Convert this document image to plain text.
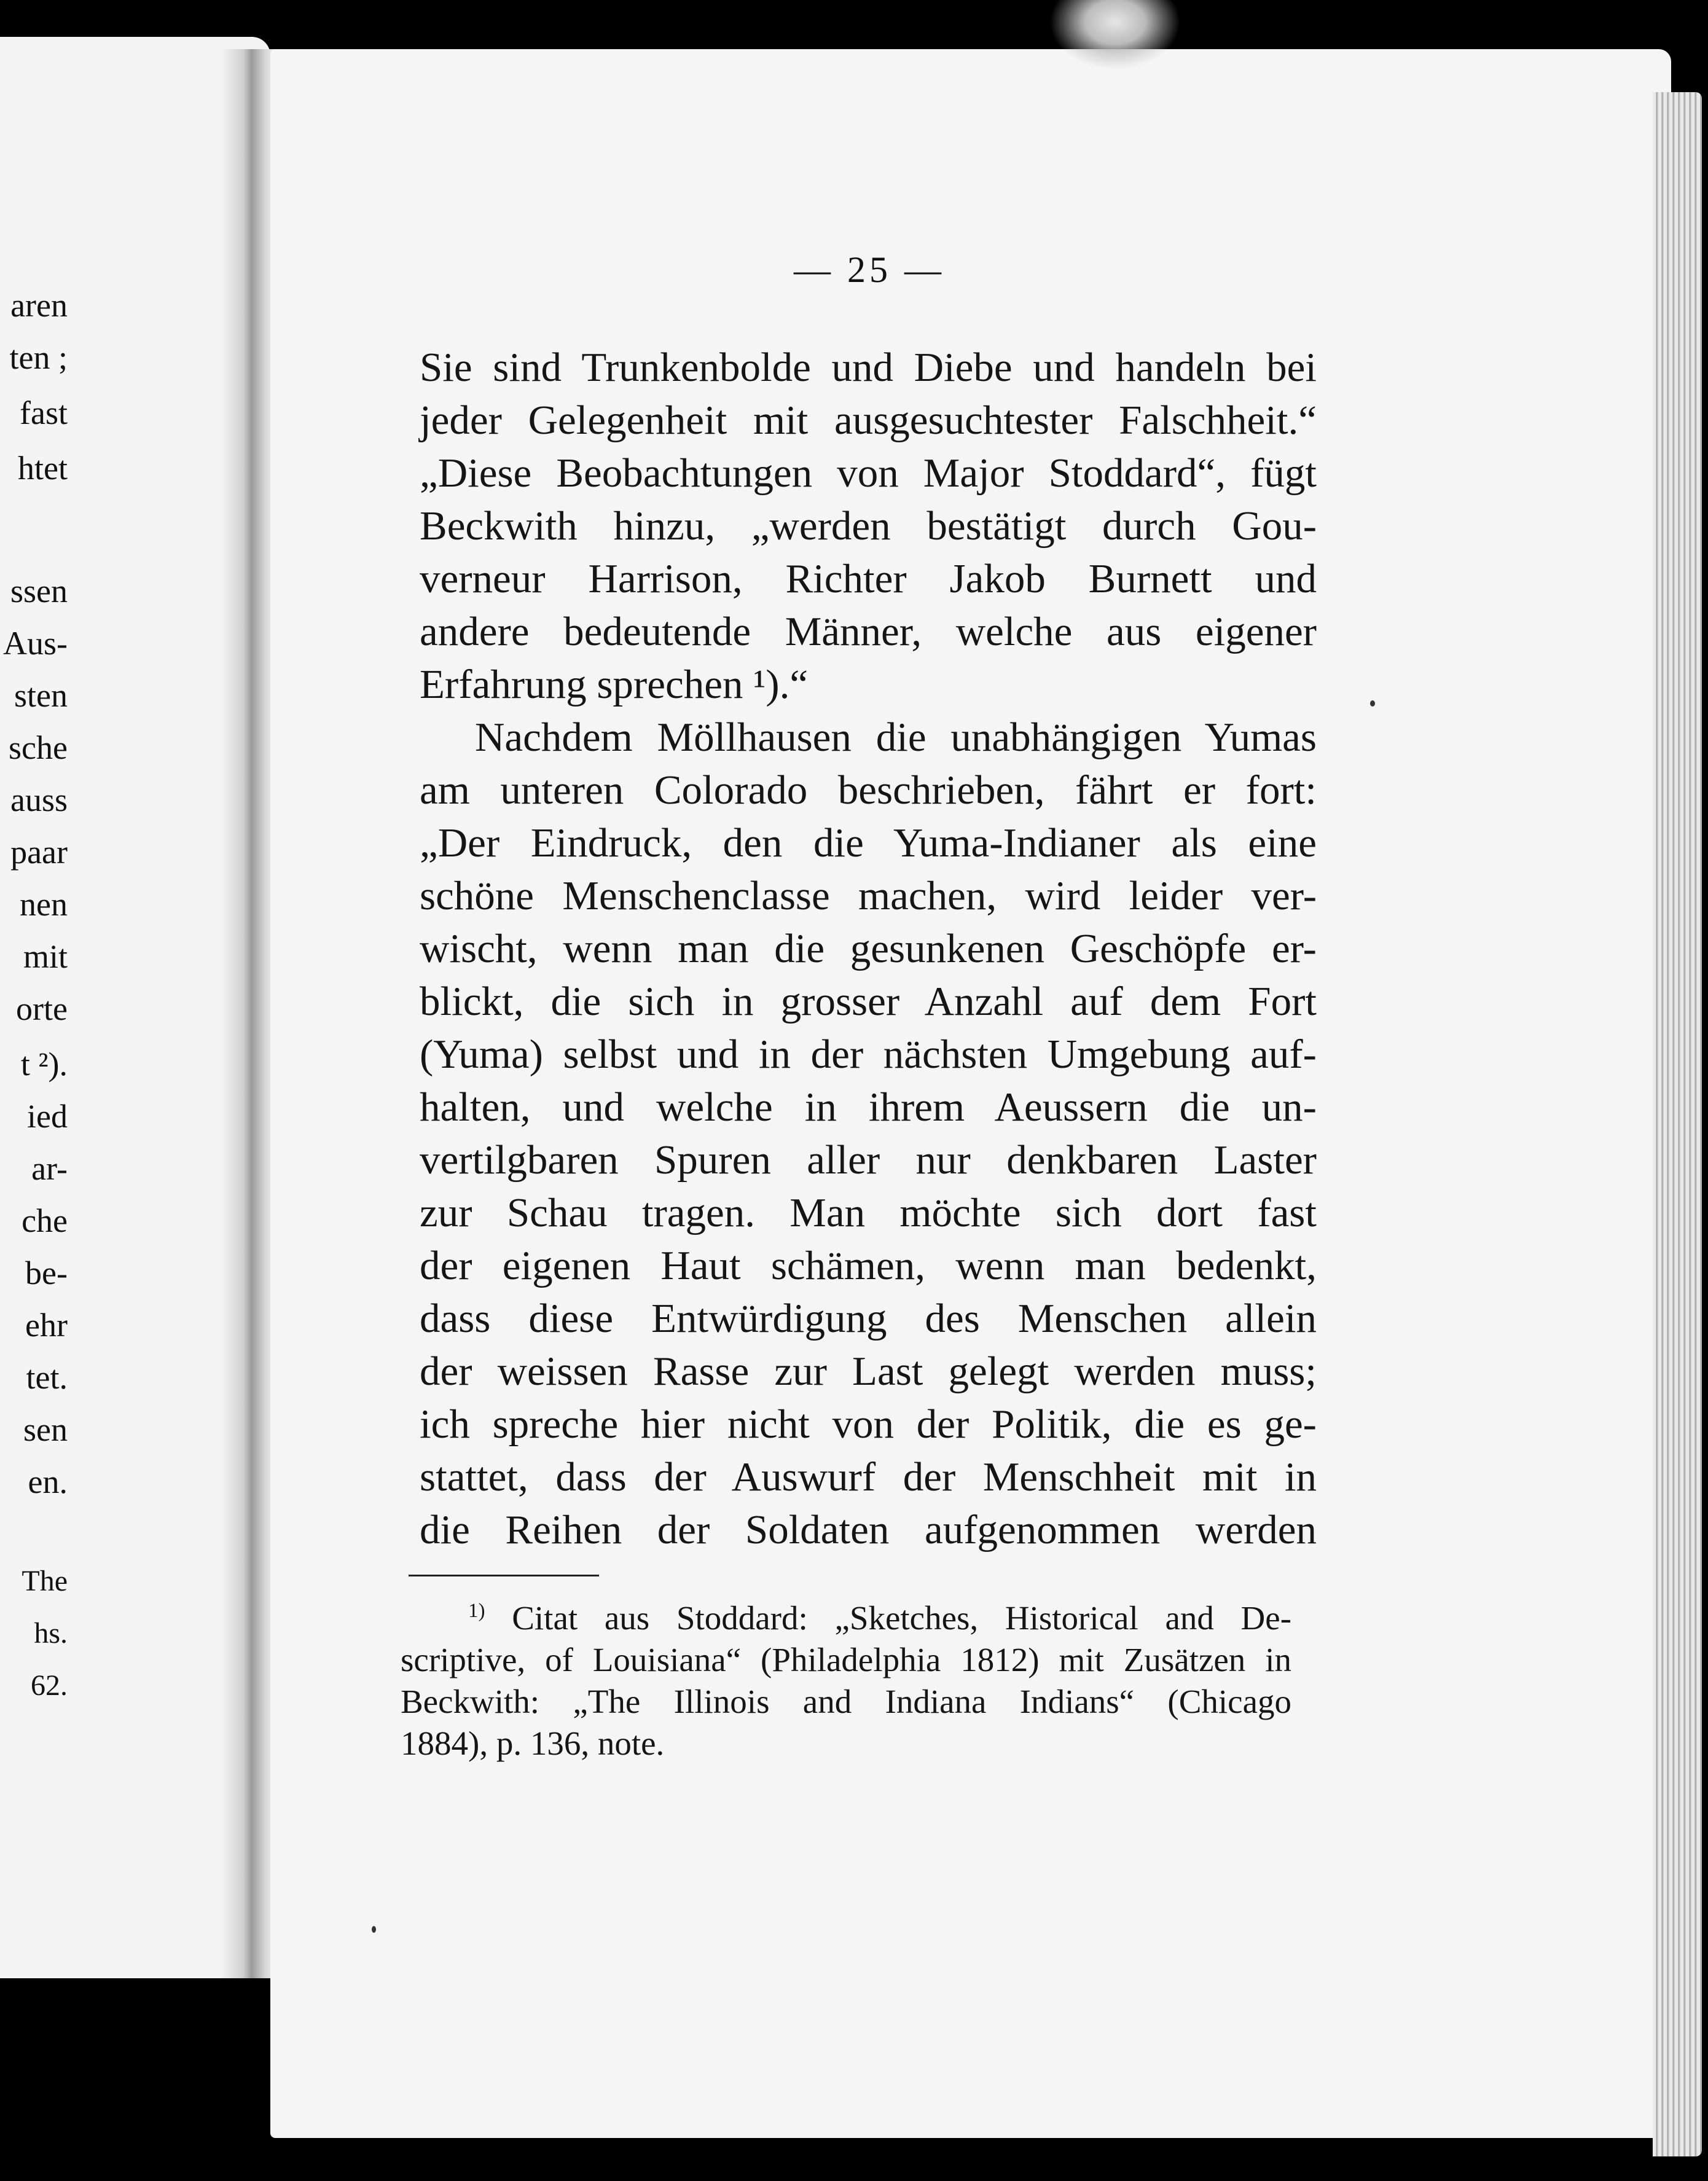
aren
ten ;
fast
htet
ssen
Aus-
sten
sche
auss
paar
nen
mit
orte
t ²).
ied
ar-
che
be-
ehr
tet.
sen
en.
The
hs.
62.
— 25 —
Sie sind Trunkenbolde und Diebe und handeln bei
jeder Gelegenheit mit ausgesuchtester Falschheit.“
„Diese Beobachtungen von Major Stoddard“, fügt
Beckwith hinzu, „werden bestätigt durch Gou-
verneur Harrison, Richter Jakob Burnett und
andere bedeutende Männer, welche aus eigener
Erfahrung sprechen ¹).“
Nachdem Möllhausen die unabhängigen Yumas
am unteren Colorado beschrieben, fährt er fort:
„Der Eindruck, den die Yuma-Indianer als eine
schöne Menschenclasse machen, wird leider ver-
wischt, wenn man die gesunkenen Geschöpfe er-
blickt, die sich in grosser Anzahl auf dem Fort
(Yuma) selbst und in der nächsten Umgebung auf-
halten, und welche in ihrem Aeussern die un-
vertilgbaren Spuren aller nur denkbaren Laster
zur Schau tragen. Man möchte sich dort fast
der eigenen Haut schämen, wenn man bedenkt,
dass diese Entwürdigung des Menschen allein
der weissen Rasse zur Last gelegt werden muss;
ich spreche hier nicht von der Politik, die es ge-
stattet, dass der Auswurf der Menschheit mit in
die Reihen der Soldaten aufgenommen werden
$^{1)}$ Citat aus Stoddard: „Sketches, Historical and De-
scriptive, of Louisiana“ (Philadelphia 1812) mit Zusätzen in
Beckwith: „The Illinois and Indiana Indians“ (Chicago
1884), p. 136, note.
